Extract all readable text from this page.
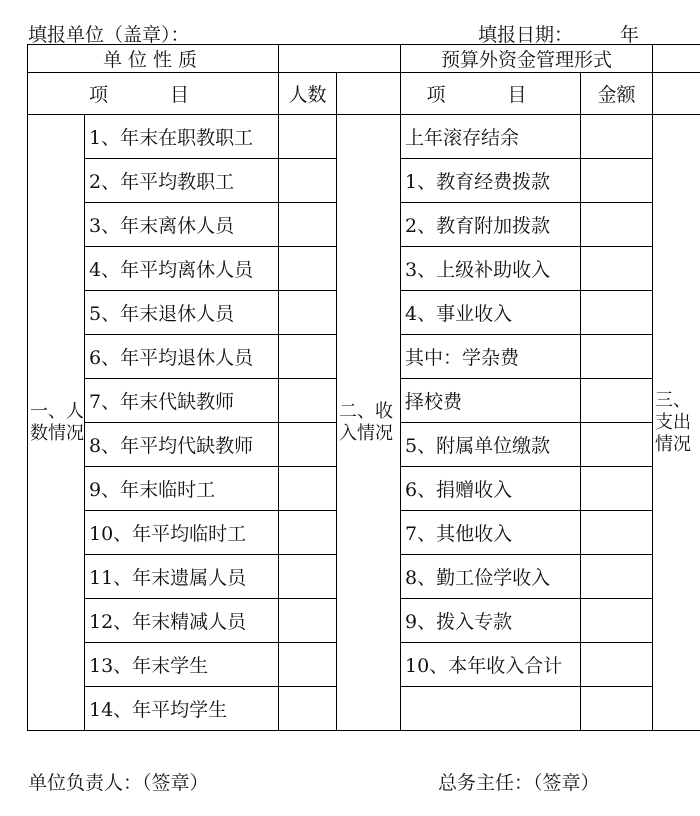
填报单位（盖章）：	填报日期： 年
单位性质				预算外资金管理形式		
项 目		人数		项 目	金额	
一、人数情况	1、年末在职教职工		二、收入情况	上年滚存结余		三、支出情况
	2、年平均教职工			1、教育经费拨款		
	3、年末离休人员			2、教育附加拨款		
	4、年平均离休人员			3、上级补助收入		
	5、年末退休人员			4、事业收入		
	6、年平均退休人员			其中：学杂费		
	7、年末代缺教师			择校费		
	8、年平均代缺教师			5、附属单位缴款		
	9、年末临时工			6、捐赠收入		
	10、年平均临时工			7、其他收入		
	11、年末遗属人员			8、勤工俭学收入		
	12、年末精减人员			9、拨入专款		
	13、年末学生			10、本年收入合计		
	14、年平均学生					
单位负责人：（签章）	总务主任：（签章）
